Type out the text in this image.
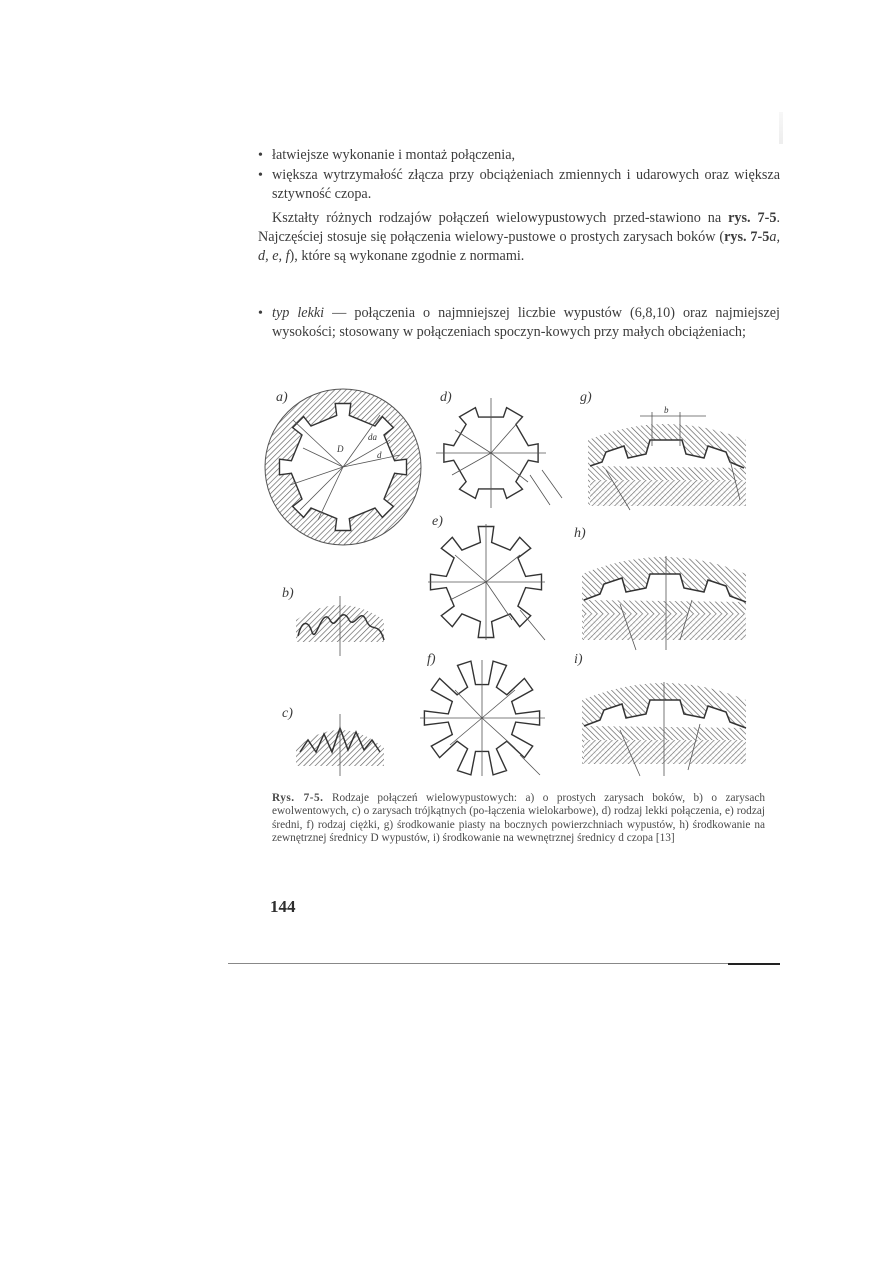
• łatwiejsze wykonanie i montaż połączenia,
• większa wytrzymałość złącza przy obciążeniach zmiennych i udarowych oraz większa sztywność czopa.
Kształty różnych rodzajów połączeń wielowypustowych przed-stawiono na rys. 7-5. Najczęściej stosuje się połączenia wielowy-pustowe o prostych zarysach boków (rys. 7-5a, d, e, f), które są wykonane zgodnie z normami.
• typ lekki — połączenia o najmniejszej liczbie wypustów (6,8,10) oraz najmiejszej wysokości; stosowany w połączeniach spoczyn-kowych przy małych obciążeniach;
a)	d)	g)
e)
h)
b)
f)	i)
c)
D
d
da
b
Rys. 7-5. Rodzaje połączeń wielowypustowych: a) o prostych zarysach boków, b) o zarysach ewolwentowych, c) o zarysach trójkątnych (po-łączenia wielokarbowe), d) rodzaj lekki połączenia, e) rodzaj średni, f) rodzaj ciężki, g) środkowanie piasty na bocznych powierzchniach wypustów, h) środkowanie na zewnętrznej średnicy D wypustów, i) środkowanie na wewnętrznej średnicy d czopa [13]
144
